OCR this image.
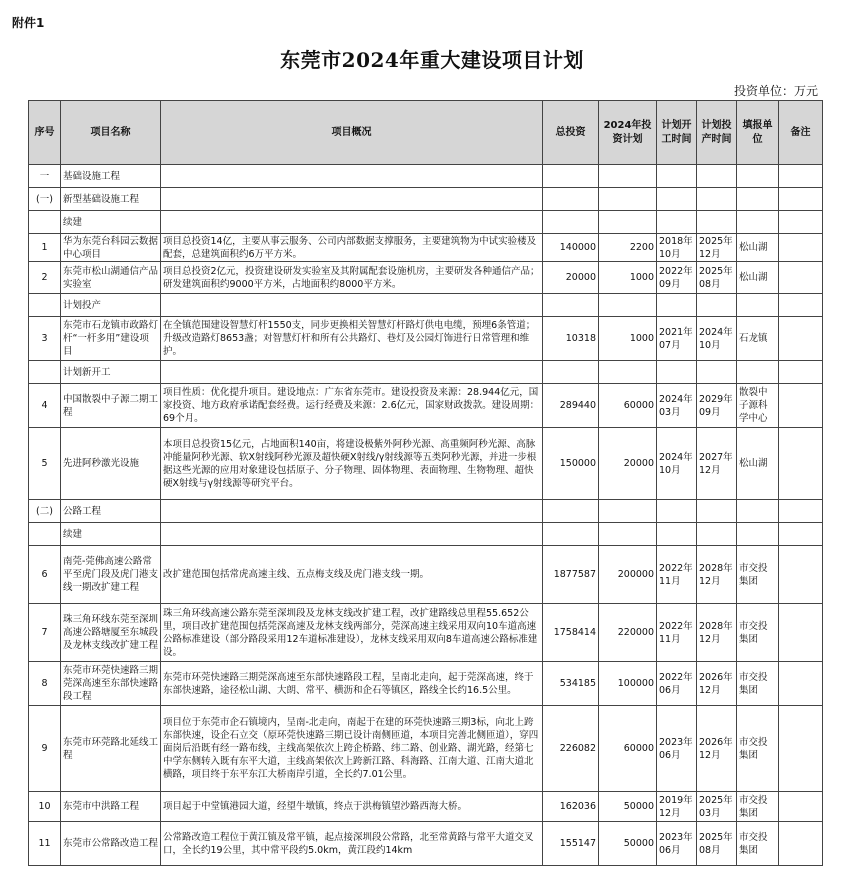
附件1
东莞市2024年重大建设项目计划
投资单位：万元
序号	项目名称	项目概况	总投资	2024年投资计划	计划开工时间	计划投产时间	填报单位	备注
一	基础设施工程							
(一)	新型基础设施工程							
	续建							
1	华为东莞台科园云数据中心项目	项目总投资14亿，主要从事云服务、公司内部数据支撑服务，主要建筑物为中试实验楼及配套，总建筑面积约6万平方米。	140000	2200	2018年10月	2025年12月	松山湖	
2	东莞市松山湖通信产品实验室	项目总投资2亿元，投资建设研发实验室及其附属配套设施机房，主要研发各种通信产品；研发建筑面积约9000平方米，占地面积约8000平方米。	20000	1000	2022年09月	2025年08月	松山湖	
	计划投产							
3	东莞市石龙镇市政路灯杆“一杆多用”建设项目	在全镇范围建设智慧灯杆1550支，同步更换相关智慧灯杆路灯供电电缆，预埋6条管道；升级改造路灯8653盏；对智慧灯杆和所有公共路灯、巷灯及公园灯饰进行日常管理和维护。	10318	1000	2021年07月	2024年10月	石龙镇	
	计划新开工							
4	中国散裂中子源二期工程	项目性质：优化提升项目。建设地点：广东省东莞市。建设投资及来源：28.944亿元，国家投资、地方政府承诺配套经费。运行经费及来源：2.6亿元，国家财政拨款。建设周期：69个月。	289440	60000	2024年03月	2029年09月	散裂中子源科学中心	
5	先进阿秒激光设施	本项目总投资15亿元，占地面积140亩，将建设极紫外阿秒光源、高重频阿秒光源、高脉冲能量阿秒光源、软X射线阿秒光源及超快硬X射线/γ射线源等五类阿秒光源，并进一步根据这些光源的应用对象建设包括原子、分子物理、固体物理、表面物理、生物物理、超快硬X射线与γ射线源等研究平台。	150000	20000	2024年10月	2027年12月	松山湖	
(二)	公路工程							
	续建							
6	南莞-莞佛高速公路常平至虎门段及虎门港支线一期改扩建工程	改扩建范围包括常虎高速主线、五点梅支线及虎门港支线一期。	1877587	200000	2022年11月	2028年12月	市交投集团	
7	珠三角环线东莞至深圳高速公路塘厦至东城段及龙林支线改扩建工程	珠三角环线高速公路东莞至深圳段及龙林支线改扩建工程，改扩建路线总里程55.652公里，项目改扩建范围包括莞深高速及龙林支线两部分，莞深高速主线采用双向10车道高速公路标准建设（部分路段采用12车道标准建设），龙林支线采用双向8车道高速公路标准建设。	1758414	220000	2022年11月	2028年12月	市交投集团	
8	东莞市环莞快速路三期莞深高速至东部快速路段工程	东莞市环莞快速路三期莞深高速至东部快速路段工程，呈南北走向，起于莞深高速，终于东部快速路，途径松山湖、大朗、常平、横沥和企石等镇区，路线全长约16.5公里。	534185	100000	2022年06月	2026年12月	市交投集团	
9	东莞市环莞路北延线工程	项目位于东莞市企石镇境内，呈南-北走向，南起于在建的环莞快速路三期3标，向北上跨东部快速，设企石立交（原环莞快速路三期已设计南侧匝道，本项目完善北侧匝道），穿四面岗后沿既有经一路布线，主线高架依次上跨企桥路、纬二路、创业路、湖光路，经第七中学东侧转入既有东平大道，主线高架依次上跨新江路、科海路、江南大道、江南大道北横路，项目终于东平东江大桥南岸引道，全长约7.01公里。	226082	60000	2023年06月	2026年12月	市交投集团	
10	东莞市中洪路工程	项目起于中堂镇港园大道，经望牛墩镇，终点于洪梅镇望沙路西海大桥。	162036	50000	2019年12月	2025年03月	市交投集团	
11	东莞市公常路改造工程	公常路改造工程位于黄江镇及常平镇，起点接深圳段公常路，北至常黄路与常平大道交叉口，全长约19公里，其中常平段约5.0km，黄江段约14km	155147	50000	2023年06月	2025年08月	市交投集团	
